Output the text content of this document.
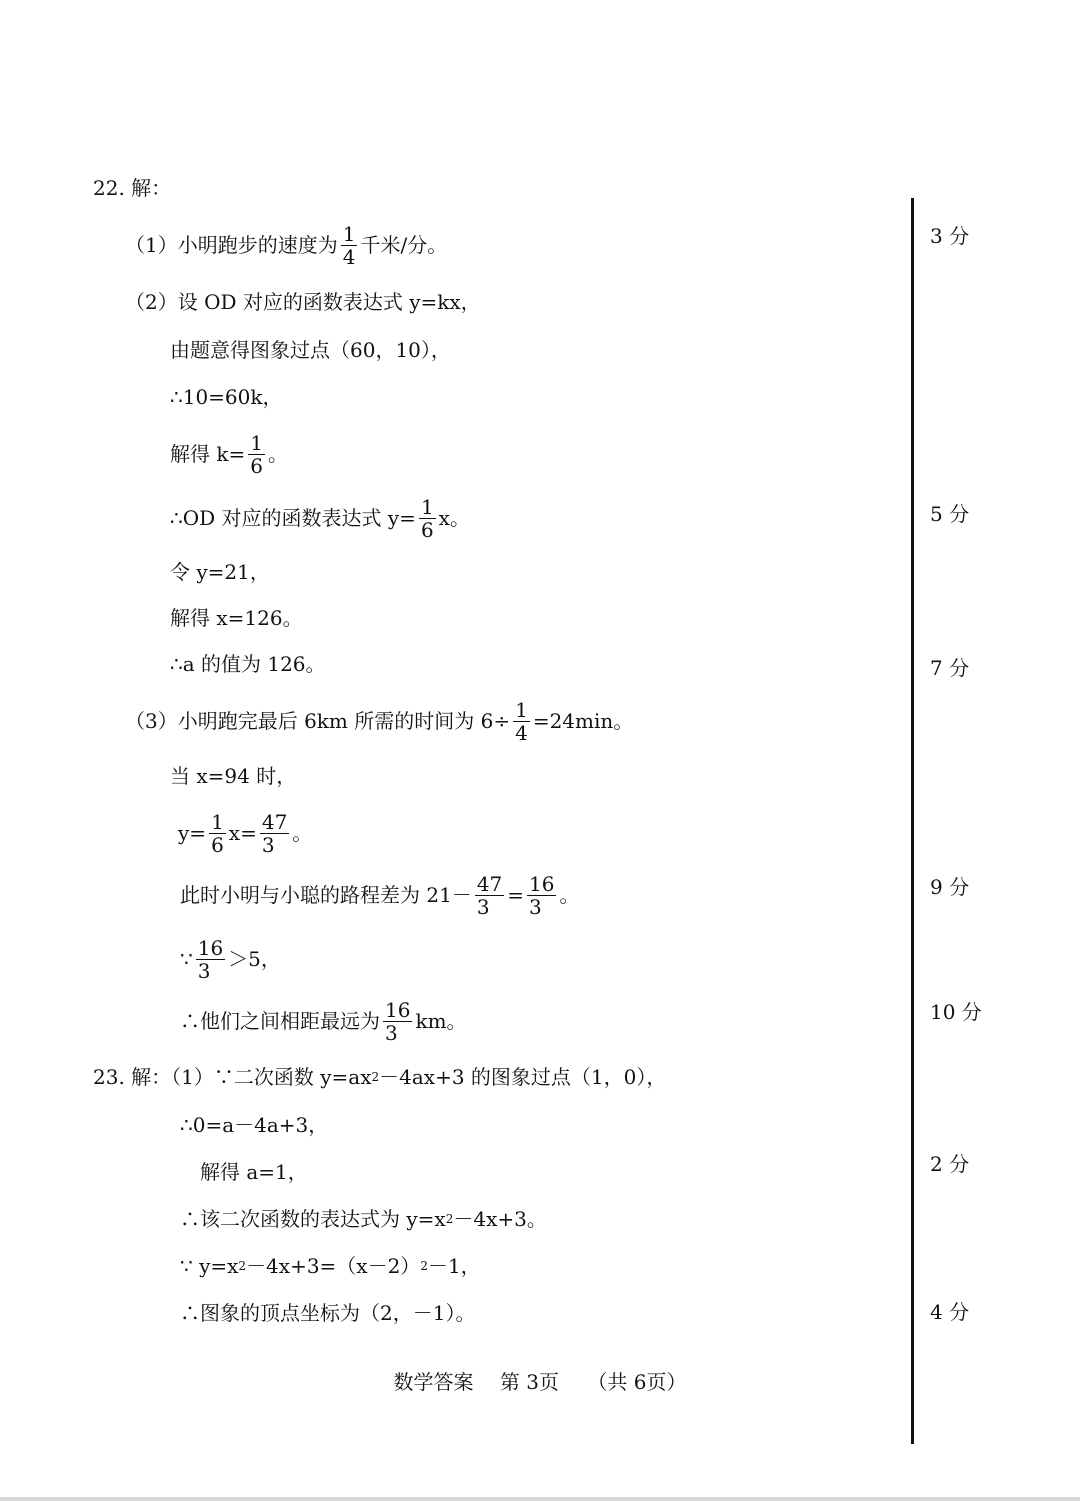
22. 解：
（1）小明跑步的速度为 $\frac{1}{4}$ 千米/分。
（2）设 OD 对应的函数表达式 y=kx，
由题意得图象过点（60，10），
∴10=60k，
解得 $k= \frac{1}{6}$ 。
∴OD 对应的函数表达式 $y= \frac{1}{6}$ x。
令 y=21，
解得 x=126。
∴a 的值为 126。
（3）小明跑完最后 6km 所需的时间为 $6\div \frac{1}{4} =24\min$。
当 x=94 时，
$y= \frac{1}{6} x= \frac{47}{3}$ 。
此时小明与小聪的路程差为 $21- \frac{47}{3} = \frac{16}{3}$ 。
∵ $\frac{16}{3} >5$，
∴他们之间相距最远为 $\frac{16}{3}$ km。
23. 解：（1）∵二次函数 y=ax 2 －4ax+3 的图象过点（1，0），
∴0=a－4a+3，
解得 a=1，
∴该二次函数的表达式为 y=x 2 －4x+3。
∵ y=x 2 －4x+3=（x－2） 2 －1，
∴图象的顶点坐标为（2，－1）。
3 分
5 分
7 分
9 分
10 分
2 分
4 分
数学答案 第 3页 （共 6页）
